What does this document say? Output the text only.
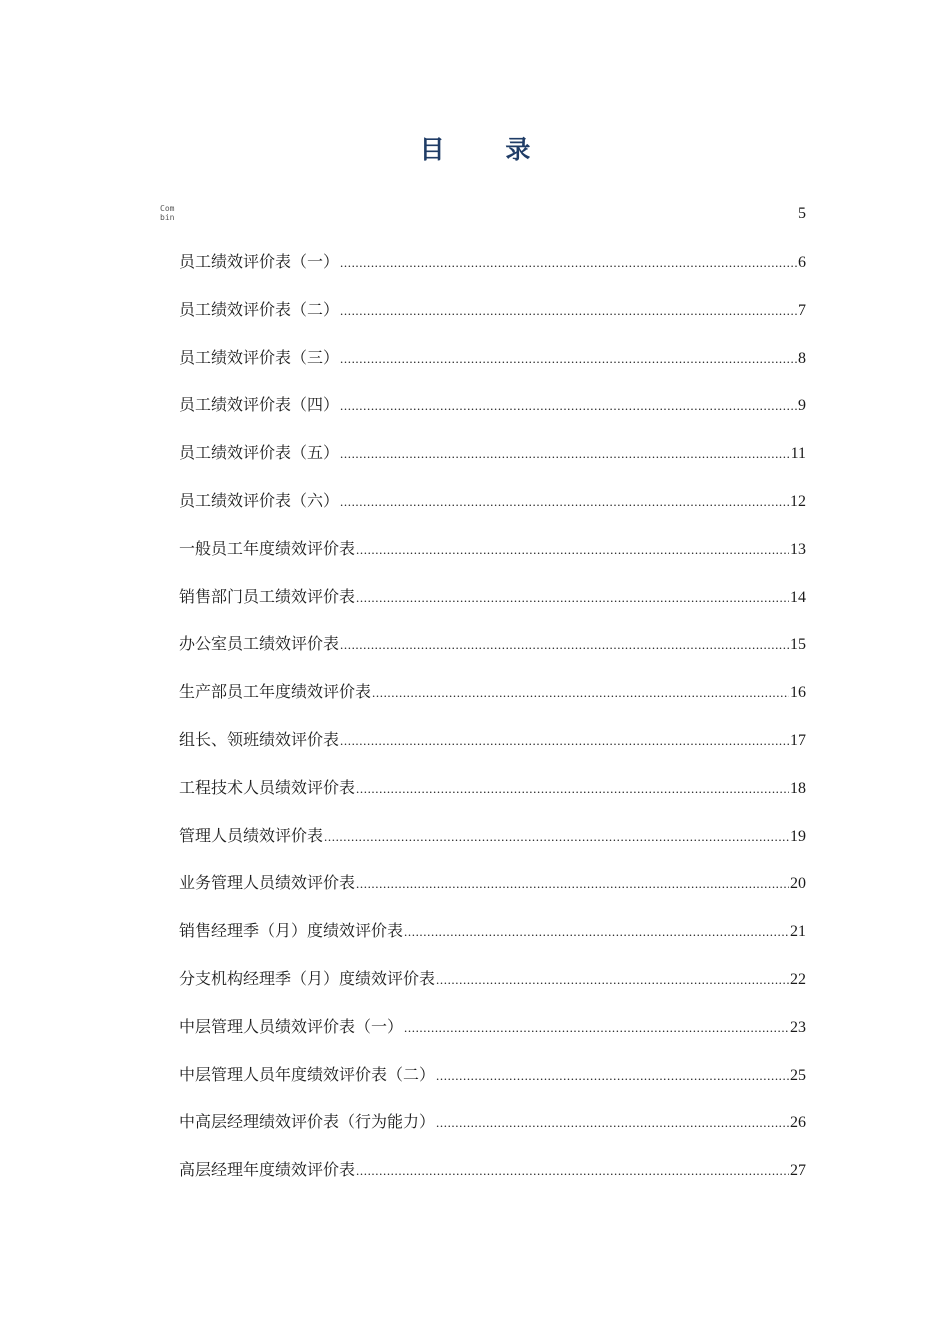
目 录
Combin	5
员工绩效评价表（一） .....	6
员工绩效评价表（二） .....	7
员工绩效评价表（三） .....	8
员工绩效评价表（四） .....	9
员工绩效评价表（五） .....	11
员工绩效评价表（六） .....	12
一般员工年度绩效评价表 .....	13
销售部门员工绩效评价表 .....	14
办公室员工绩效评价表 .....	15
生产部员工年度绩效评价表 .....	16
组长、领班绩效评价表 .....	17
工程技术人员绩效评价表 .....	18
管理人员绩效评价表 .....	19
业务管理人员绩效评价表 .....	20
销售经理季（月）度绩效评价表 .....	21
分支机构经理季（月）度绩效评价表 .....	22
中层管理人员绩效评价表（一） .....	23
中层管理人员年度绩效评价表（二） .....	25
中高层经理绩效评价表（行为能力） .....	26
高层经理年度绩效评价表 .....	27
